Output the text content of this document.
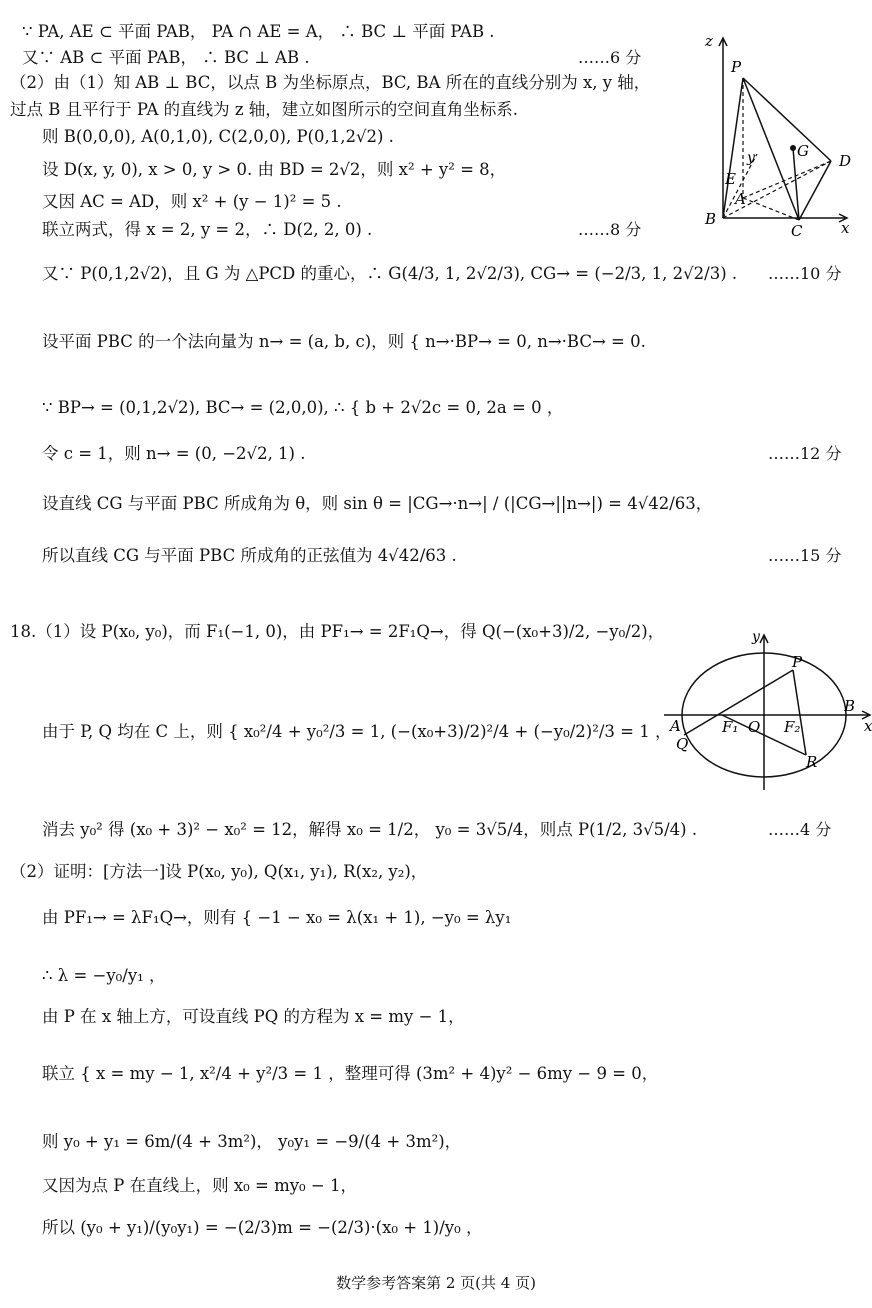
∵ PA, AE ⊂ 平面 PAB， PA ∩ AE = A， ∴ BC ⊥ 平面 PAB .
又∵ AB ⊂ 平面 PAB， ∴ BC ⊥ AB .	……6 分
（2）由（1）知 AB ⊥ BC，以点 B 为坐标原点，BC, BA 所在的直线分别为 x, y 轴，
过点 B 且平行于 PA 的直线为 z 轴，建立如图所示的空间直角坐标系.
则 B(0,0,0), A(0,1,0), C(2,0,0), P(0,1,2√2) .
设 D(x, y, 0), x > 0, y > 0. 由 BD = 2√2，则 x² + y² = 8，
又因 AC = AD，则 x² + (y − 1)² = 5 .
联立两式，得 x = 2, y = 2，∴ D(2, 2, 0) .	……8 分
又∵ P(0,1,2√2)，且 G 为 △PCD 的重心，∴ G(4/3, 1, 2√2/3), CG→ = (−2/3, 1, 2√2/3) . ……10 分
设平面 PBC 的一个法向量为 n→ = (a, b, c)，则 { n→·BP→ = 0, n→·BC→ = 0.
∵ BP→ = (0,1,2√2), BC→ = (2,0,0), ∴ { b + 2√2c = 0, 2a = 0 ，
令 c = 1，则 n→ = (0, −2√2, 1) .	……12 分
设直线 CG 与平面 PBC 所成角为 θ，则 sin θ = |CG→·n→| / (|CG→||n→|) = 4√42/63，
所以直线 CG 与平面 PBC 所成角的正弦值为 4√42/63 .	……15 分
z
P
y	G
D
E
A
B
C	x
18.（1）设 P(x₀, y₀)，而 F₁(−1, 0)，由 PF₁→ = 2F₁Q→，得 Q(−(x₀+3)/2, −y₀/2)，
由于 P, Q 均在 C 上，则 { x₀²/4 + y₀²/3 = 1, (−(x₀+3)/2)²/4 + (−y₀/2)²/3 = 1 ，
消去 y₀² 得 (x₀ + 3)² − x₀² = 12，解得 x₀ = 1/2， y₀ = 3√5/4，则点 P(1/2, 3√5/4) .	……4 分
（2）证明：[方法一]设 P(x₀, y₀), Q(x₁, y₁), R(x₂, y₂)，
由 PF₁→ = λF₁Q→，则有 { −1 − x₀ = λ(x₁ + 1), −y₀ = λy₁
∴ λ = −y₀/y₁ ，
由 P 在 x 轴上方，可设直线 PQ 的方程为 x = my − 1，
联立 { x = my − 1, x²/4 + y²/3 = 1 ，整理可得 (3m² + 4)y² − 6my − 9 = 0，
则 y₀ + y₁ = 6m/(4 + 3m²)， y₀y₁ = −9/(4 + 3m²)，
又因为点 P 在直线上，则 x₀ = my₀ − 1，
所以 (y₀ + y₁)/(y₀y₁) = −(2/3)m = −(2/3)·(x₀ + 1)/y₀ ，
y
P
B
A	F₁ O F₂
Q
R
x
数学参考答案第 2 页(共 4 页)
